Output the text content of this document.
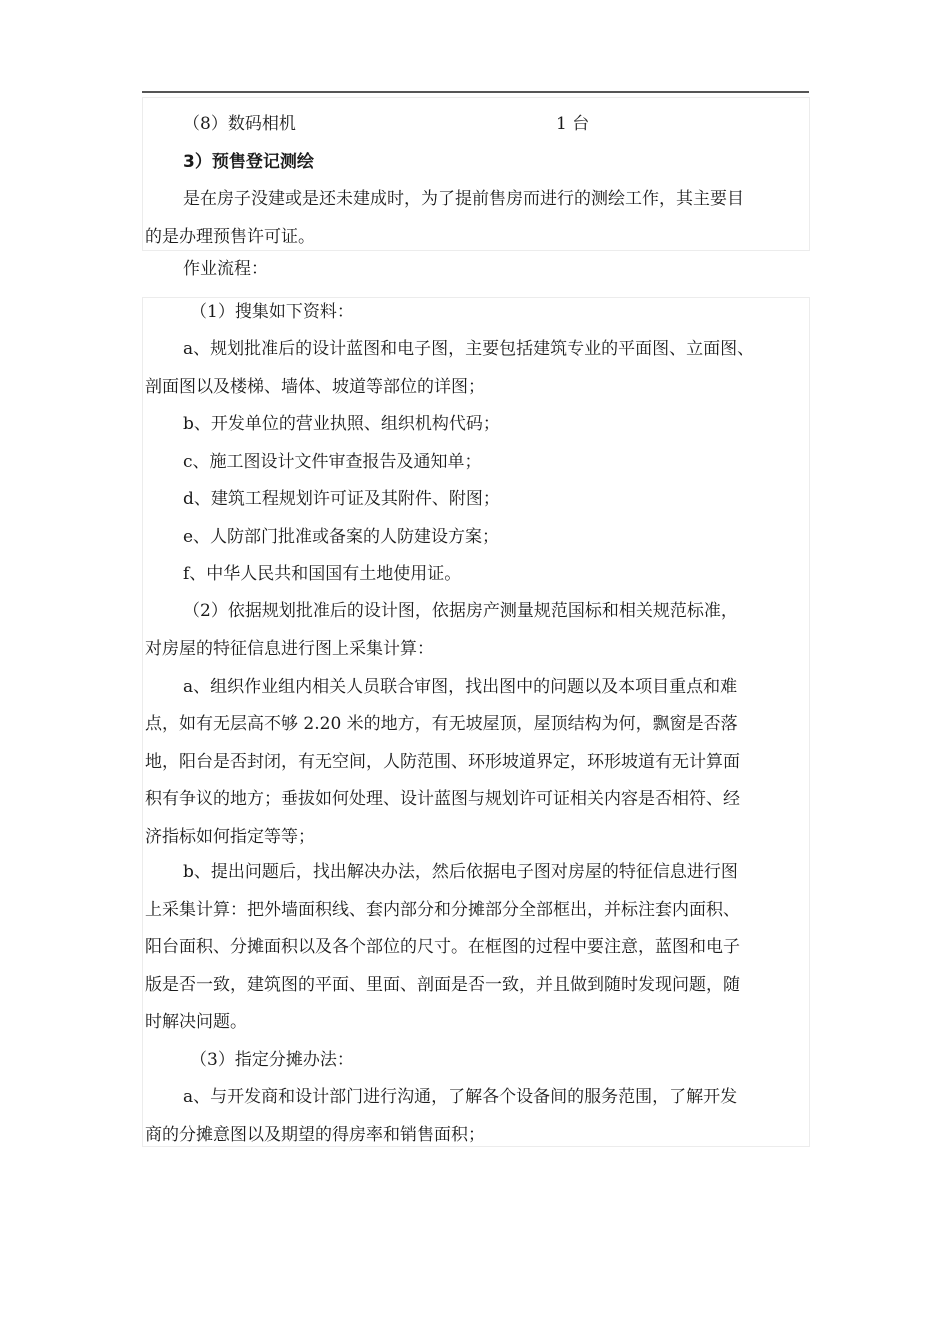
（8）数码相机	1 台
3）预售登记测绘
是在房子没建或是还未建成时，为了提前售房而进行的测绘工作，其主要目
的是办理预售许可证。
作业流程：
（1）搜集如下资料：
a、规划批准后的设计蓝图和电子图，主要包括建筑专业的平面图、立面图、
剖面图以及楼梯、墙体、坡道等部位的详图；
b、开发单位的营业执照、组织机构代码；
c、施工图设计文件审查报告及通知单；
d、建筑工程规划许可证及其附件、附图；
e、人防部门批准或备案的人防建设方案；
f、中华人民共和国国有土地使用证。
（2）依据规划批准后的设计图，依据房产测量规范国标和相关规范标准，
对房屋的特征信息进行图上采集计算：
a、组织作业组内相关人员联合审图，找出图中的问题以及本项目重点和难
点，如有无层高不够 2.20 米的地方，有无坡屋顶，屋顶结构为何，飘窗是否落
地，阳台是否封闭，有无空间，人防范围、环形坡道界定，环形坡道有无计算面
积有争议的地方；垂拔如何处理、设计蓝图与规划许可证相关内容是否相符、经
济指标如何指定等等；
b、提出问题后，找出解决办法，然后依据电子图对房屋的特征信息进行图
上采集计算：把外墙面积线、套内部分和分摊部分全部框出，并标注套内面积、
阳台面积、分摊面积以及各个部位的尺寸。在框图的过程中要注意，蓝图和电子
版是否一致，建筑图的平面、里面、剖面是否一致，并且做到随时发现问题，随
时解决问题。
（3）指定分摊办法：
a、与开发商和设计部门进行沟通，了解各个设备间的服务范围，了解开发
商的分摊意图以及期望的得房率和销售面积；
